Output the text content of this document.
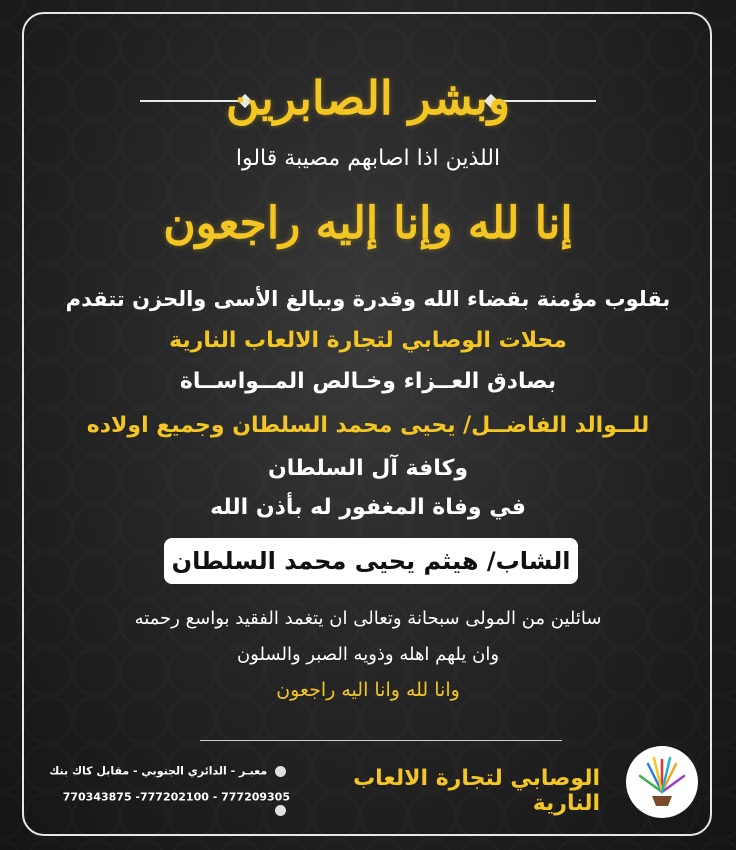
وبشر الصابرين
اللذين اذا اصابهم مصيبة قالوا
إنا لله وإنا إليه راجعون
بقلوب مؤمنة بقضاء الله وقدرة وببالغ الأسى والحزن تتقدم
محلات الوصابي لتجارة الالعاب النارية
بصادق العــزاء وخـالص المــواســاة
للــوالد الفاضــل/ يحيى محمد السلطان وجميع اولاده
وكافة آل السلطان
في وفاة المغفور له بأذن الله
الشاب/ هيثم يحيى محمد السلطان
سائلين من المولى سبحانة وتعالى ان يتغمد الفقيد بواسع رحمته
وان يلهم اهله وذويه الصبر والسلون
وانا لله وانا اليه راجعون
الوصابي لتجارة الالعاب النارية
معبـر - الدائري الجنوبي - مقابل كاك بنك
770343875 -777202100 - 777209305
